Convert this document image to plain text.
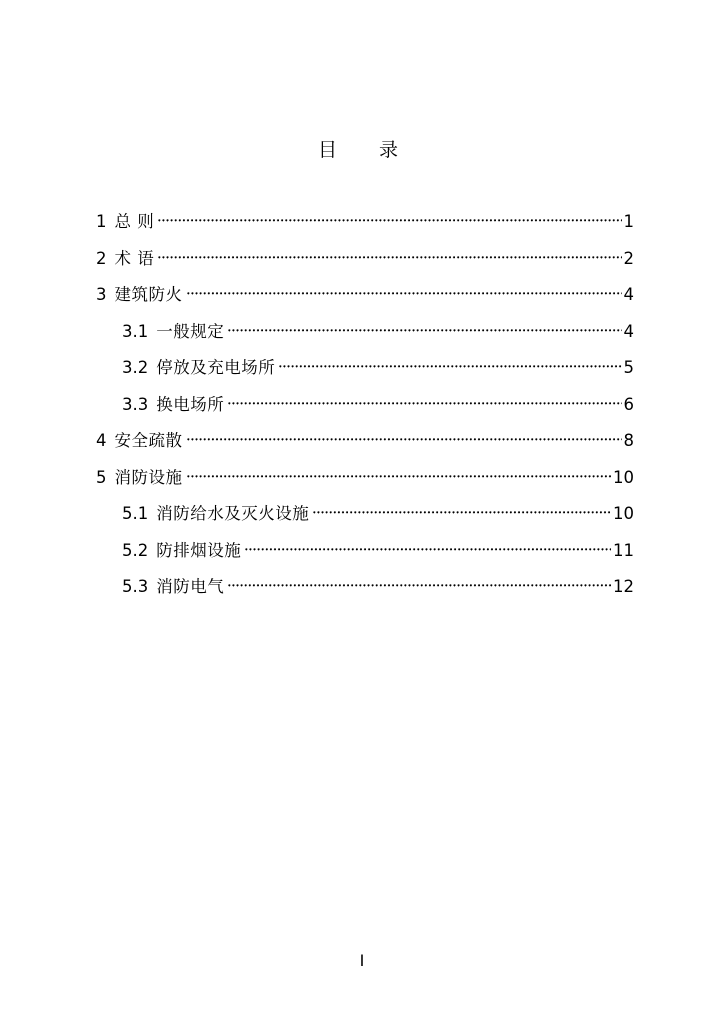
目 录
1 总 则	1
2 术 语	2
3 建筑防火	4
3.1 一般规定	4
3.2 停放及充电场所	5
3.3 换电场所	6
4 安全疏散	8
5 消防设施	10
5.1 消防给水及灭火设施	10
5.2 防排烟设施	11
5.3 消防电气	12
I
